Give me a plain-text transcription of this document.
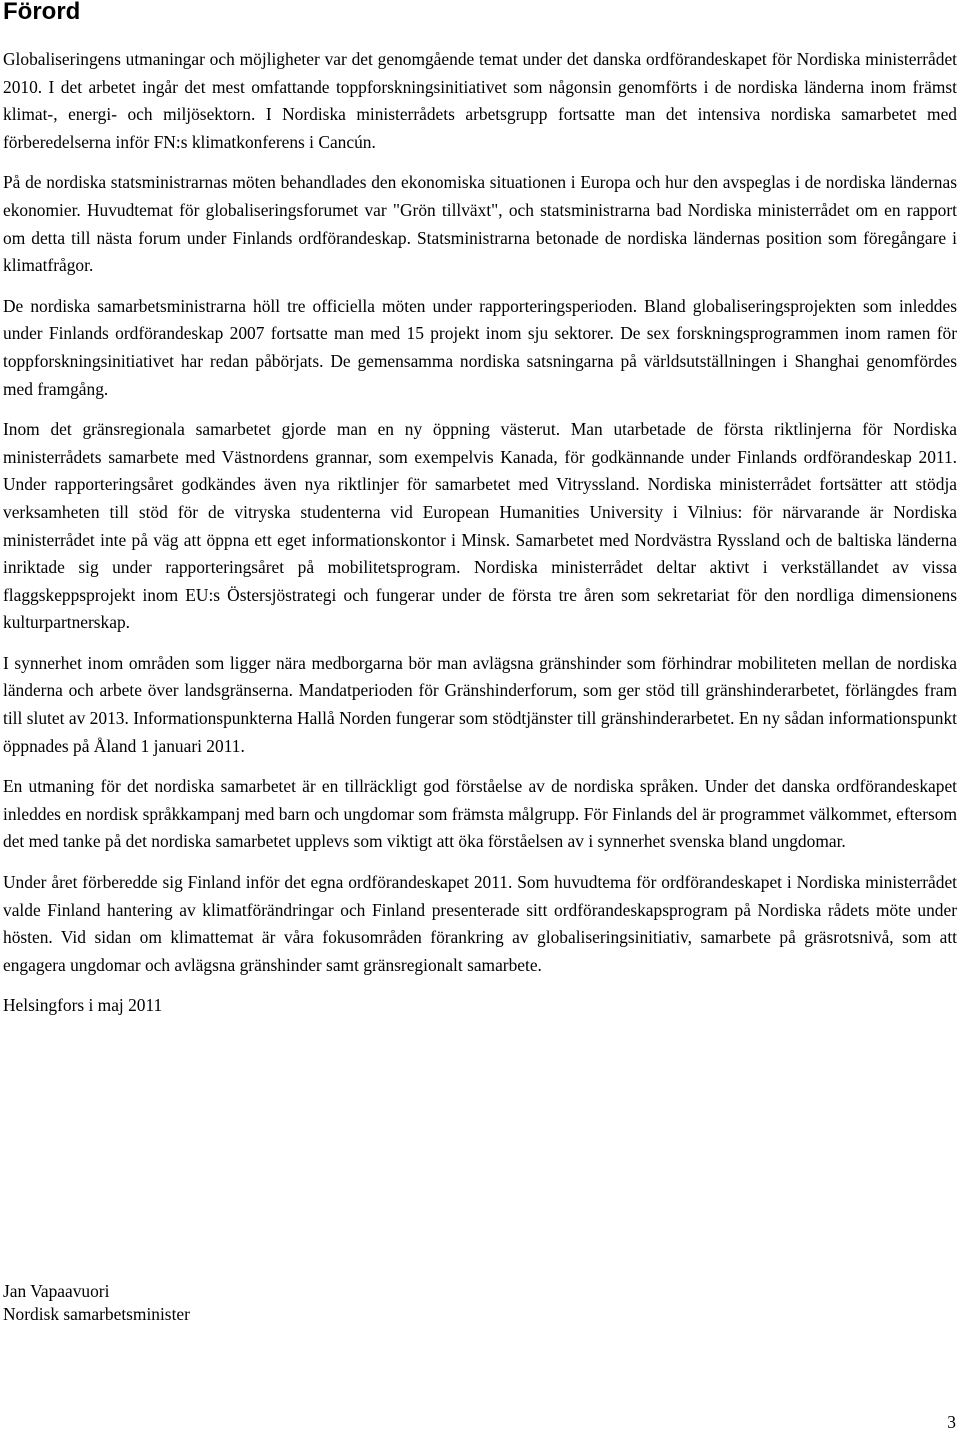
Förord

Globaliseringens utmaningar och möjligheter var det genomgående temat under det danska ordförandeskapet för Nordiska ministerrådet 2010. I det arbetet ingår det mest omfattande toppforskningsinitiativet som någonsin genomförts i de nordiska länderna inom främst klimat-, energi- och miljösektorn. I Nordiska ministerrådets arbetsgrupp fortsatte man det intensiva nordiska samarbetet med förberedelserna inför FN:s klimatkonferens i Cancún.

På de nordiska statsministrarnas möten behandlades den ekonomiska situationen i Europa och hur den avspeglas i de nordiska ländernas ekonomier. Huvudtemat för globaliseringsforumet var "Grön tillväxt", och statsministrarna bad Nordiska ministerrådet om en rapport om detta till nästa forum under Finlands ordförandeskap. Statsministrarna betonade de nordiska ländernas position som föregångare i klimatfrågor.

De nordiska samarbetsministrarna höll tre officiella möten under rapporteringsperioden. Bland globaliseringsprojekten som inleddes under Finlands ordförandeskap 2007 fortsatte man med 15 projekt inom sju sektorer. De sex forskningsprogrammen inom ramen för toppforskningsinitiativet har redan påbörjats. De gemensamma nordiska satsningarna på världsutställningen i Shanghai genomfördes med framgång.

Inom det gränsregionala samarbetet gjorde man en ny öppning västerut. Man utarbetade de första riktlinjerna för Nordiska ministerrådets samarbete med Västnordens grannar, som exempelvis Kanada, för godkännande under Finlands ordförandeskap 2011. Under rapporteringsåret godkändes även nya riktlinjer för samarbetet med Vitryssland. Nordiska ministerrådet fortsätter att stödja verksamheten till stöd för de vitryska studenterna vid European Humanities University i Vilnius: för närvarande är Nordiska ministerrådet inte på väg att öppna ett eget informationskontor i Minsk. Samarbetet med Nordvästra Ryssland och de baltiska länderna inriktade sig under rapporteringsåret på mobilitetsprogram. Nordiska ministerrådet deltar aktivt i verkställandet av vissa flaggskeppsprojekt inom EU:s Östersjöstrategi och fungerar under de första tre åren som sekretariat för den nordliga dimensionens kulturpartnerskap.

I synnerhet inom områden som ligger nära medborgarna bör man avlägsna gränshinder som förhindrar mobiliteten mellan de nordiska länderna och arbete över landsgränserna. Mandatperioden för Gränshinderforum, som ger stöd till gränshinderarbetet, förlängdes fram till slutet av 2013. Informationspunkterna Hallå Norden fungerar som stödtjänster till gränshinderarbetet. En ny sådan informationspunkt öppnades på Åland 1 januari 2011.

En utmaning för det nordiska samarbetet är en tillräckligt god förståelse av de nordiska språken. Under det danska ordförandeskapet inleddes en nordisk språkkampanj med barn och ungdomar som främsta målgrupp. För Finlands del är programmet välkommet, eftersom det med tanke på det nordiska samarbetet upplevs som viktigt att öka förståelsen av i synnerhet svenska bland ungdomar.

Under året förberedde sig Finland inför det egna ordförandeskapet 2011. Som huvudtema för ordförandeskapet i Nordiska ministerrådet valde Finland hantering av klimatförändringar och Finland presenterade sitt ordförandeskapsprogram på Nordiska rådets möte under hösten. Vid sidan om klimattemat är våra fokusområden förankring av globaliseringsinitiativ, samarbete på gräsrotsnivå, som att engagera ungdomar och avlägsna gränshinder samt gränsregionalt samarbete.

Helsingfors i maj 2011

Jan Vapaavuori
Nordisk samarbetsminister
3
